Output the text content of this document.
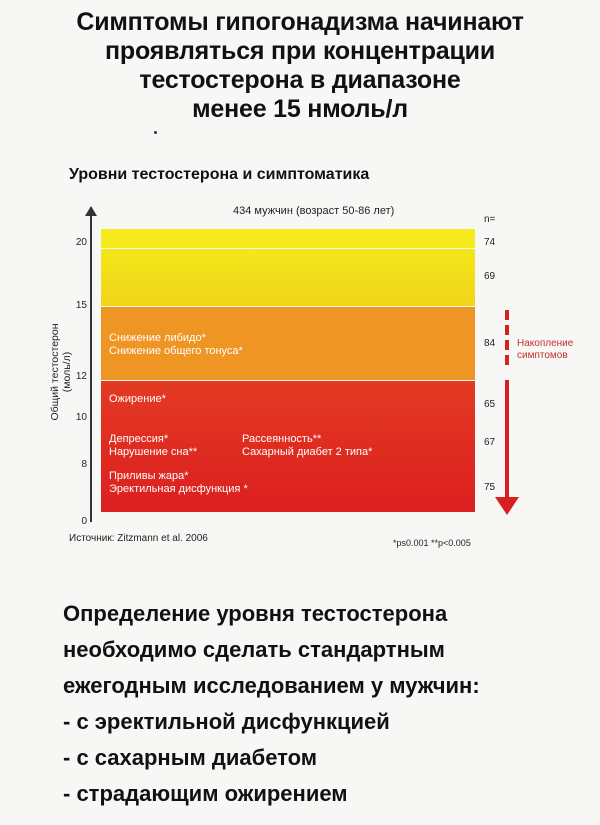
Симптомы гипогонадизма начинают
проявляться при концентрации
тестостерона в диапазоне
менее 15 нмоль/л
Уровни тестостерона и симптоматика
434 мужчин (возраст 50-86 лет)
n=
Общий тестостерон (моль/л)
20
15
12
10
8
0
Снижение либидо*
Снижение общего тонуса*
Ожирение*
Депрессия*
Нарушение сна**
Рассеянность**
Сахарный диабет 2 типа*
Приливы жара*
Эректильная дисфункция *
74
69
84
65
67
75
Накопление
симптомов
Источник: Zitzmann et al. 2006	*ps0.001 **p<0.005
Определение уровня тестостерона
необходимо сделать стандартным
ежегодным исследованием у мужчин:
- с эректильной дисфункцией
- с сахарным диабетом
- страдающим ожирением
